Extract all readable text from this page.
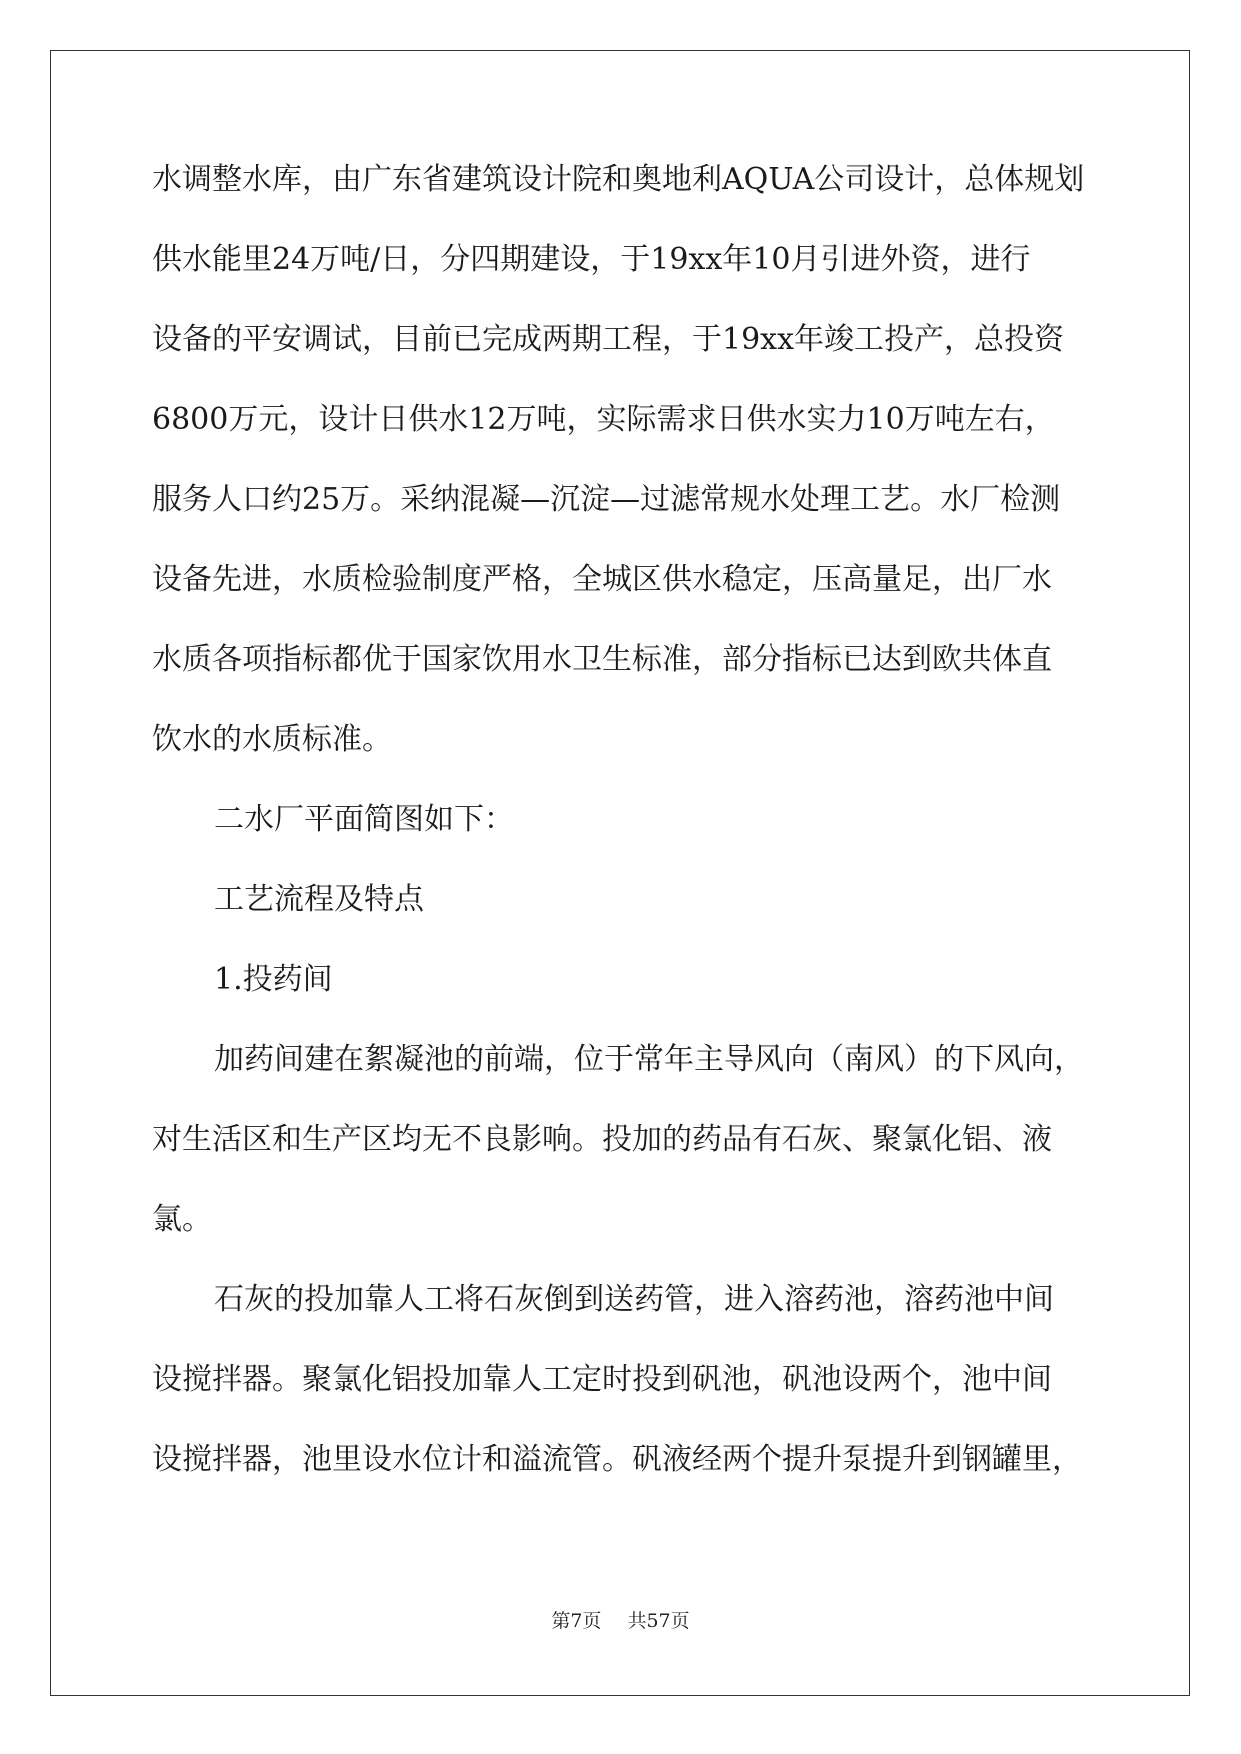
水调整水库，由广东省建筑设计院和奥地利AQUA公司设计，总体规划
供水能里24万吨/日，分四期建设，于19xx年10月引进外资，进行
设备的平安调试，目前已完成两期工程，于19xx年竣工投产，总投资
6800万元，设计日供水12万吨，实际需求日供水实力10万吨左右，
服务人口约25万。采纳混凝—沉淀—过滤常规水处理工艺。水厂检测
设备先进，水质检验制度严格，全城区供水稳定，压高量足，出厂水
水质各项指标都优于国家饮用水卫生标准，部分指标已达到欧共体直
饮水的水质标准。
二水厂平面简图如下：
工艺流程及特点
1.投药间
加药间建在絮凝池的前端，位于常年主导风向（南风）的下风向，
对生活区和生产区均无不良影响。投加的药品有石灰、聚氯化铝、液
氯。
石灰的投加靠人工将石灰倒到送药管，进入溶药池，溶药池中间
设搅拌器。聚氯化铝投加靠人工定时投到矾池，矾池设两个，池中间
设搅拌器，池里设水位计和溢流管。矾液经两个提升泵提升到钢罐里，
第7页 共57页
